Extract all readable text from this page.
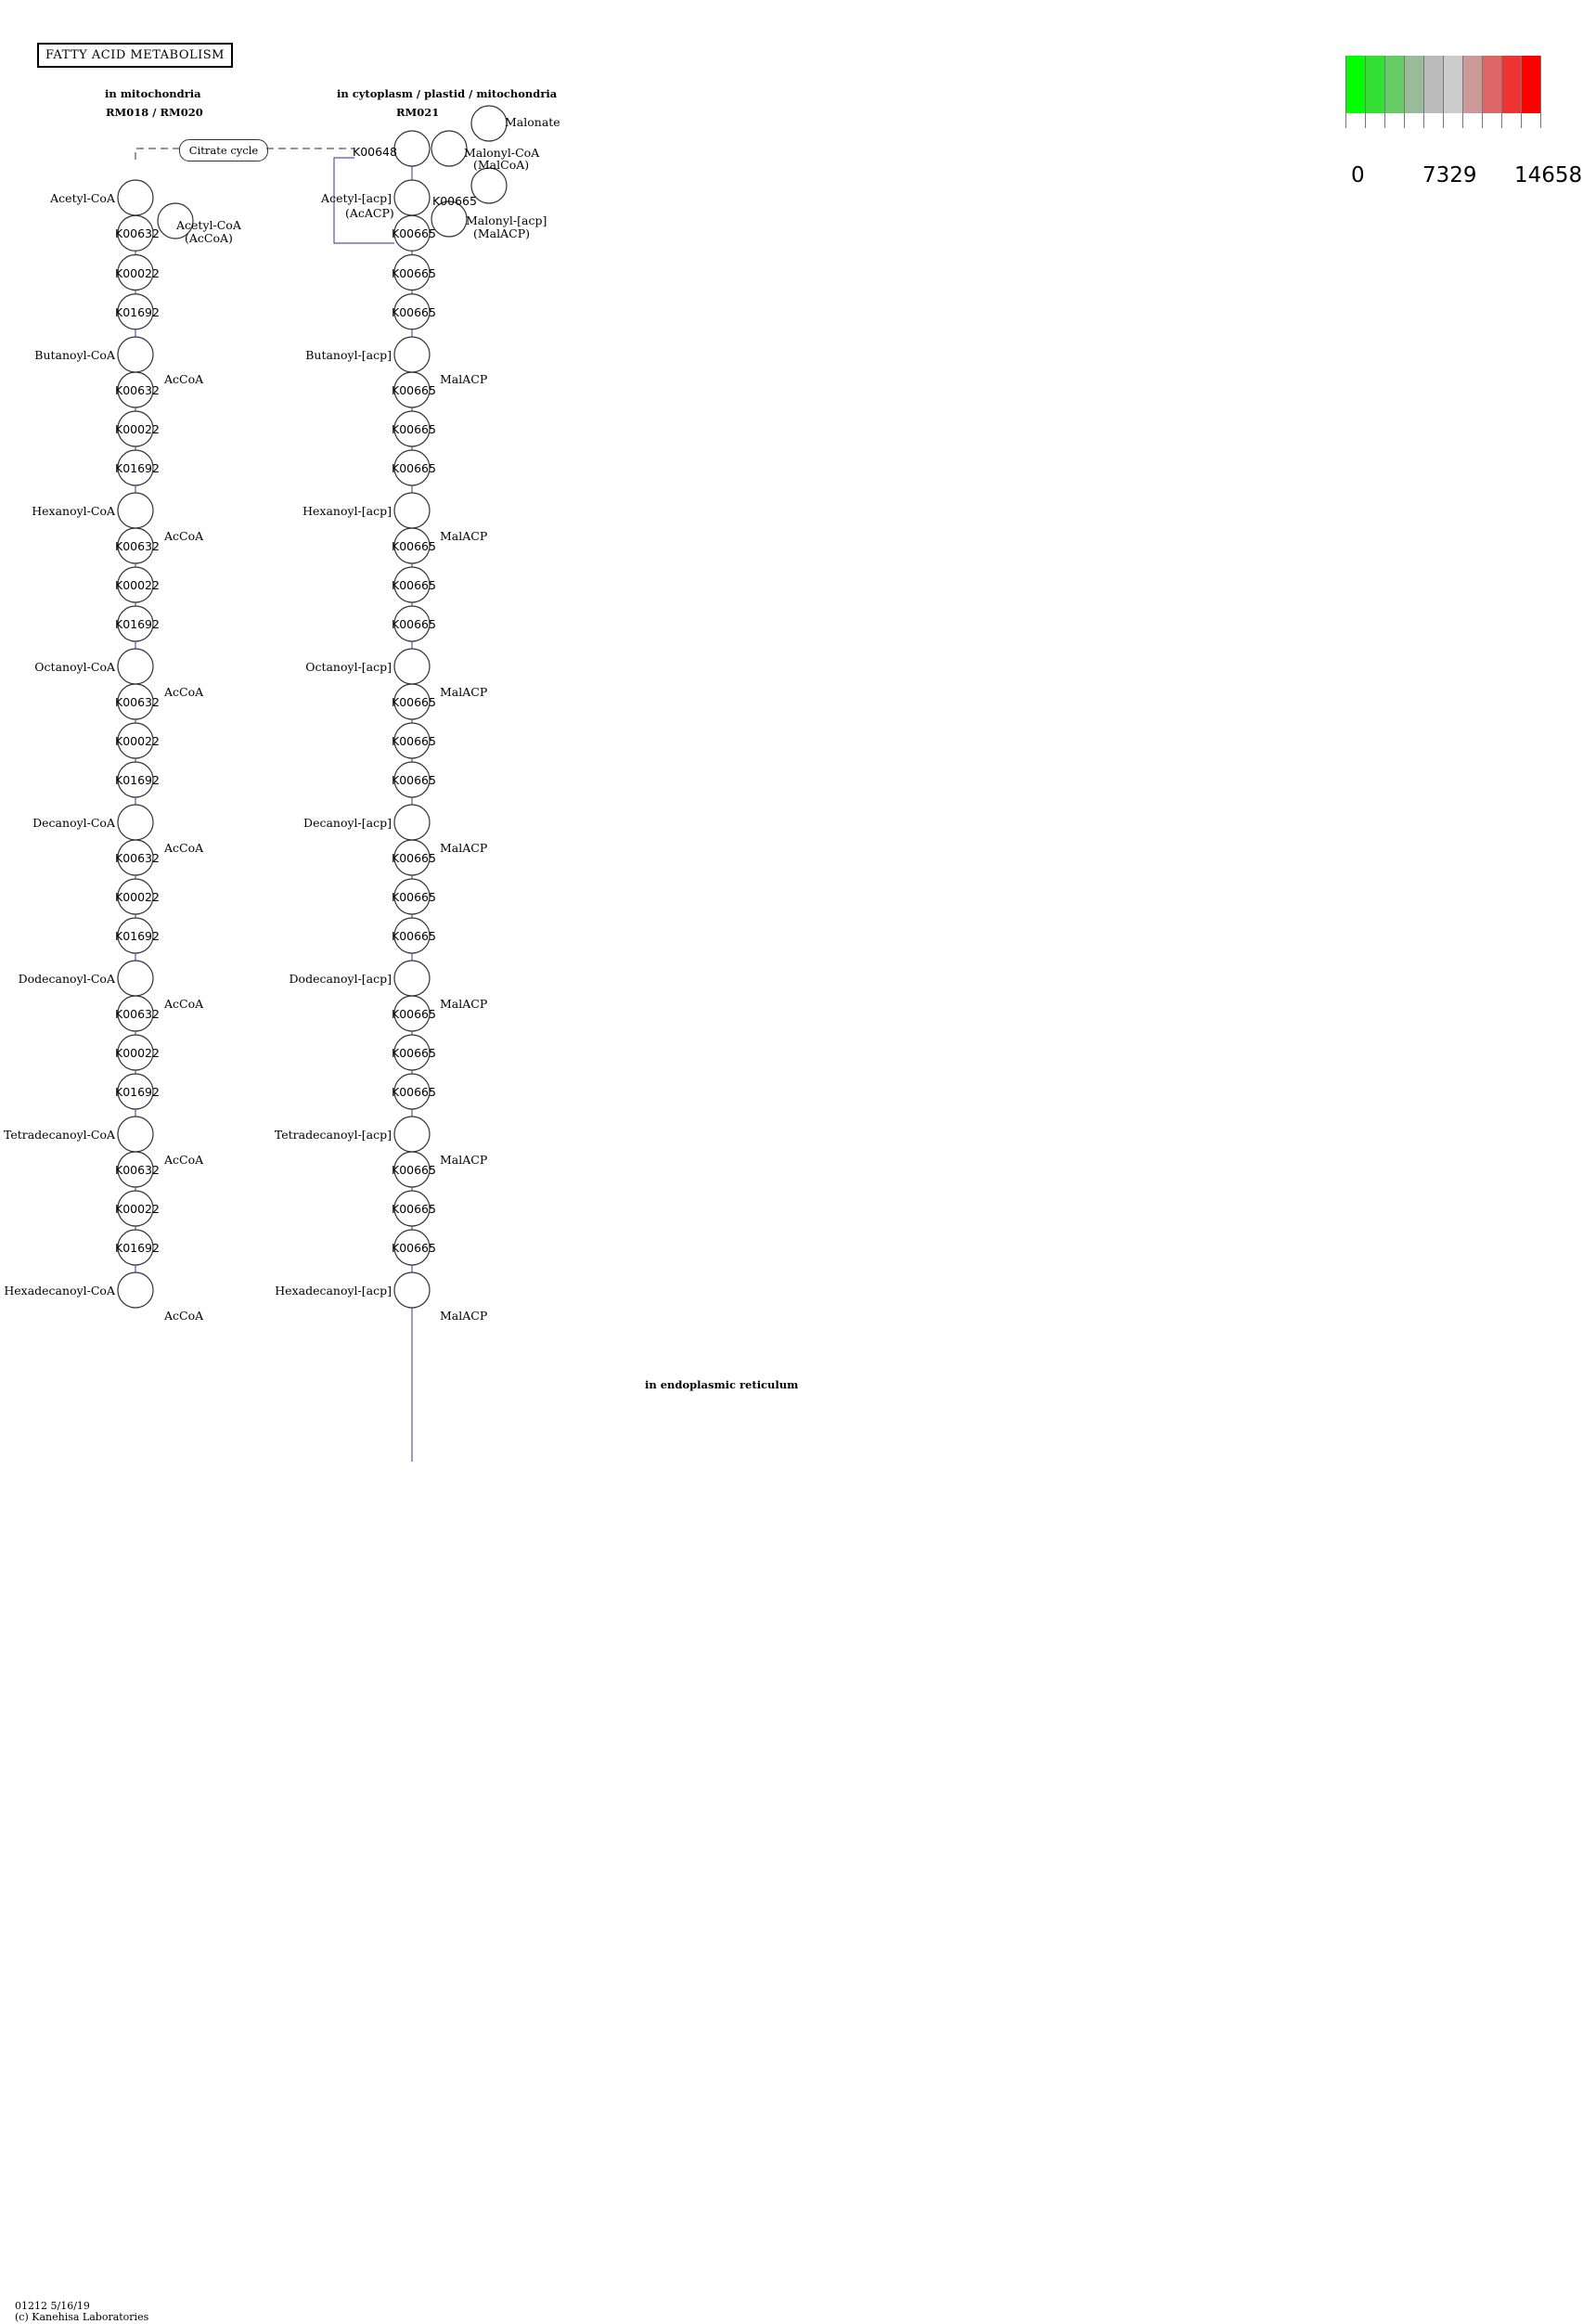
FATTY ACID METABOLISM
0	7329 14658
in mitochondria
RM018 / RM020
in cytoplasm / plastid / mitochondria
RM021
in endoplasmic reticulum
Citrate cycle
K00632
K00022
K01692
AcCoA
K00632
K00022
K01692
AcCoA
K00632
K00022
K01692
AcCoA
K00632
K00022
K01692
AcCoA
K00632
K00022
K01692
AcCoA
K00632
K00022
K01692
AcCoA
K00632
K00022
K01692
AcCoA
Acetyl-CoA
Butanoyl-CoA
Hexanoyl-CoA
Octanoyl-CoA
Decanoyl-CoA
Dodecanoyl-CoA
Tetradecanoyl-CoA
Hexadecanoyl-CoA
Acetyl-CoA
(AcCoA)	K00665
K00665
K00665
MalACP
K00665
K00665
K00665
MalACP
K00665
K00665
K00665
MalACP
K00665
K00665
K00665
MalACP
K00665
K00665
K00665
MalACP
K00665
K00665
K00665
MalACP
K00665
K00665
K00665
MalACP
Acetyl-[acp]
Butanoyl-[acp]
Hexanoyl-[acp]
Octanoyl-[acp]
Decanoyl-[acp]
Dodecanoyl-[acp]
Tetradecanoyl-[acp]
Hexadecanoyl-[acp]
Malonate
K00648	Malonyl-CoA
(MalCoA)
K00665
Malonyl-[acp]
(MalACP)
(AcACP)
01212 5/16/19
(c) Kanehisa Laboratories
